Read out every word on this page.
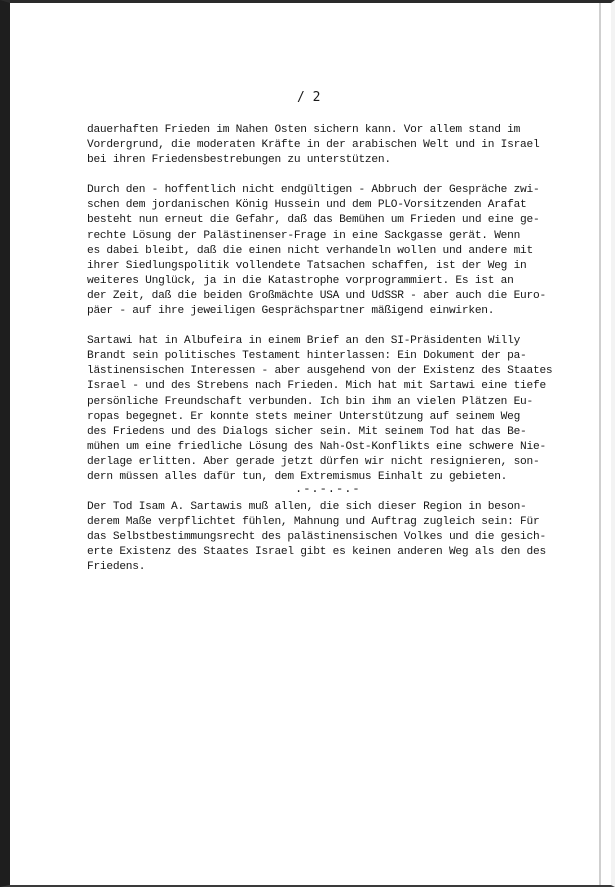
/ 2
dauerhaften Frieden im Nahen Osten sichern kann. Vor allem stand im
Vordergrund, die moderaten Kräfte in der arabischen Welt und in Israel
bei ihren Friedensbestrebungen zu unterstützen.
Durch den - hoffentlich nicht endgültigen - Abbruch der Gespräche zwi-
schen dem jordanischen König Hussein und dem PLO-Vorsitzenden Arafat
besteht nun erneut die Gefahr, daß das Bemühen um Frieden und eine ge-
rechte Lösung der Palästinenser-Frage in eine Sackgasse gerät. Wenn
es dabei bleibt, daß die einen nicht verhandeln wollen und andere mit
ihrer Siedlungspolitik vollendete Tatsachen schaffen, ist der Weg in
weiteres Unglück, ja in die Katastrophe vorprogrammiert. Es ist an
der Zeit, daß die beiden Großmächte USA und UdSSR - aber auch die Euro-
päer - auf ihre jeweiligen Gesprächspartner mäßigend einwirken.
Sartawi hat in Albufeira in einem Brief an den SI-Präsidenten Willy
Brandt sein politisches Testament hinterlassen: Ein Dokument der pa-
lästinensischen Interessen - aber ausgehend von der Existenz des Staates
Israel - und des Strebens nach Frieden. Mich hat mit Sartawi eine tiefe
persönliche Freundschaft verbunden. Ich bin ihm an vielen Plätzen Eu-
ropas begegnet. Er konnte stets meiner Unterstützung auf seinem Weg
des Friedens und des Dialogs sicher sein. Mit seinem Tod hat das Be-
mühen um eine friedliche Lösung des Nah-Ost-Konflikts eine schwere Nie-
derlage erlitten. Aber gerade jetzt dürfen wir nicht resignieren, son-
dern müssen alles dafür tun, dem Extremismus Einhalt zu gebieten.
Der Tod Isam A. Sartawis muß allen, die sich dieser Region in beson-
derem Maße verpflichtet fühlen, Mahnung und Auftrag zugleich sein: Für
das Selbstbestimmungsrecht des palästinensischen Volkes und die gesich-
erte Existenz des Staates Israel gibt es keinen anderen Weg als den des
Friedens.
.-.-.-.-
